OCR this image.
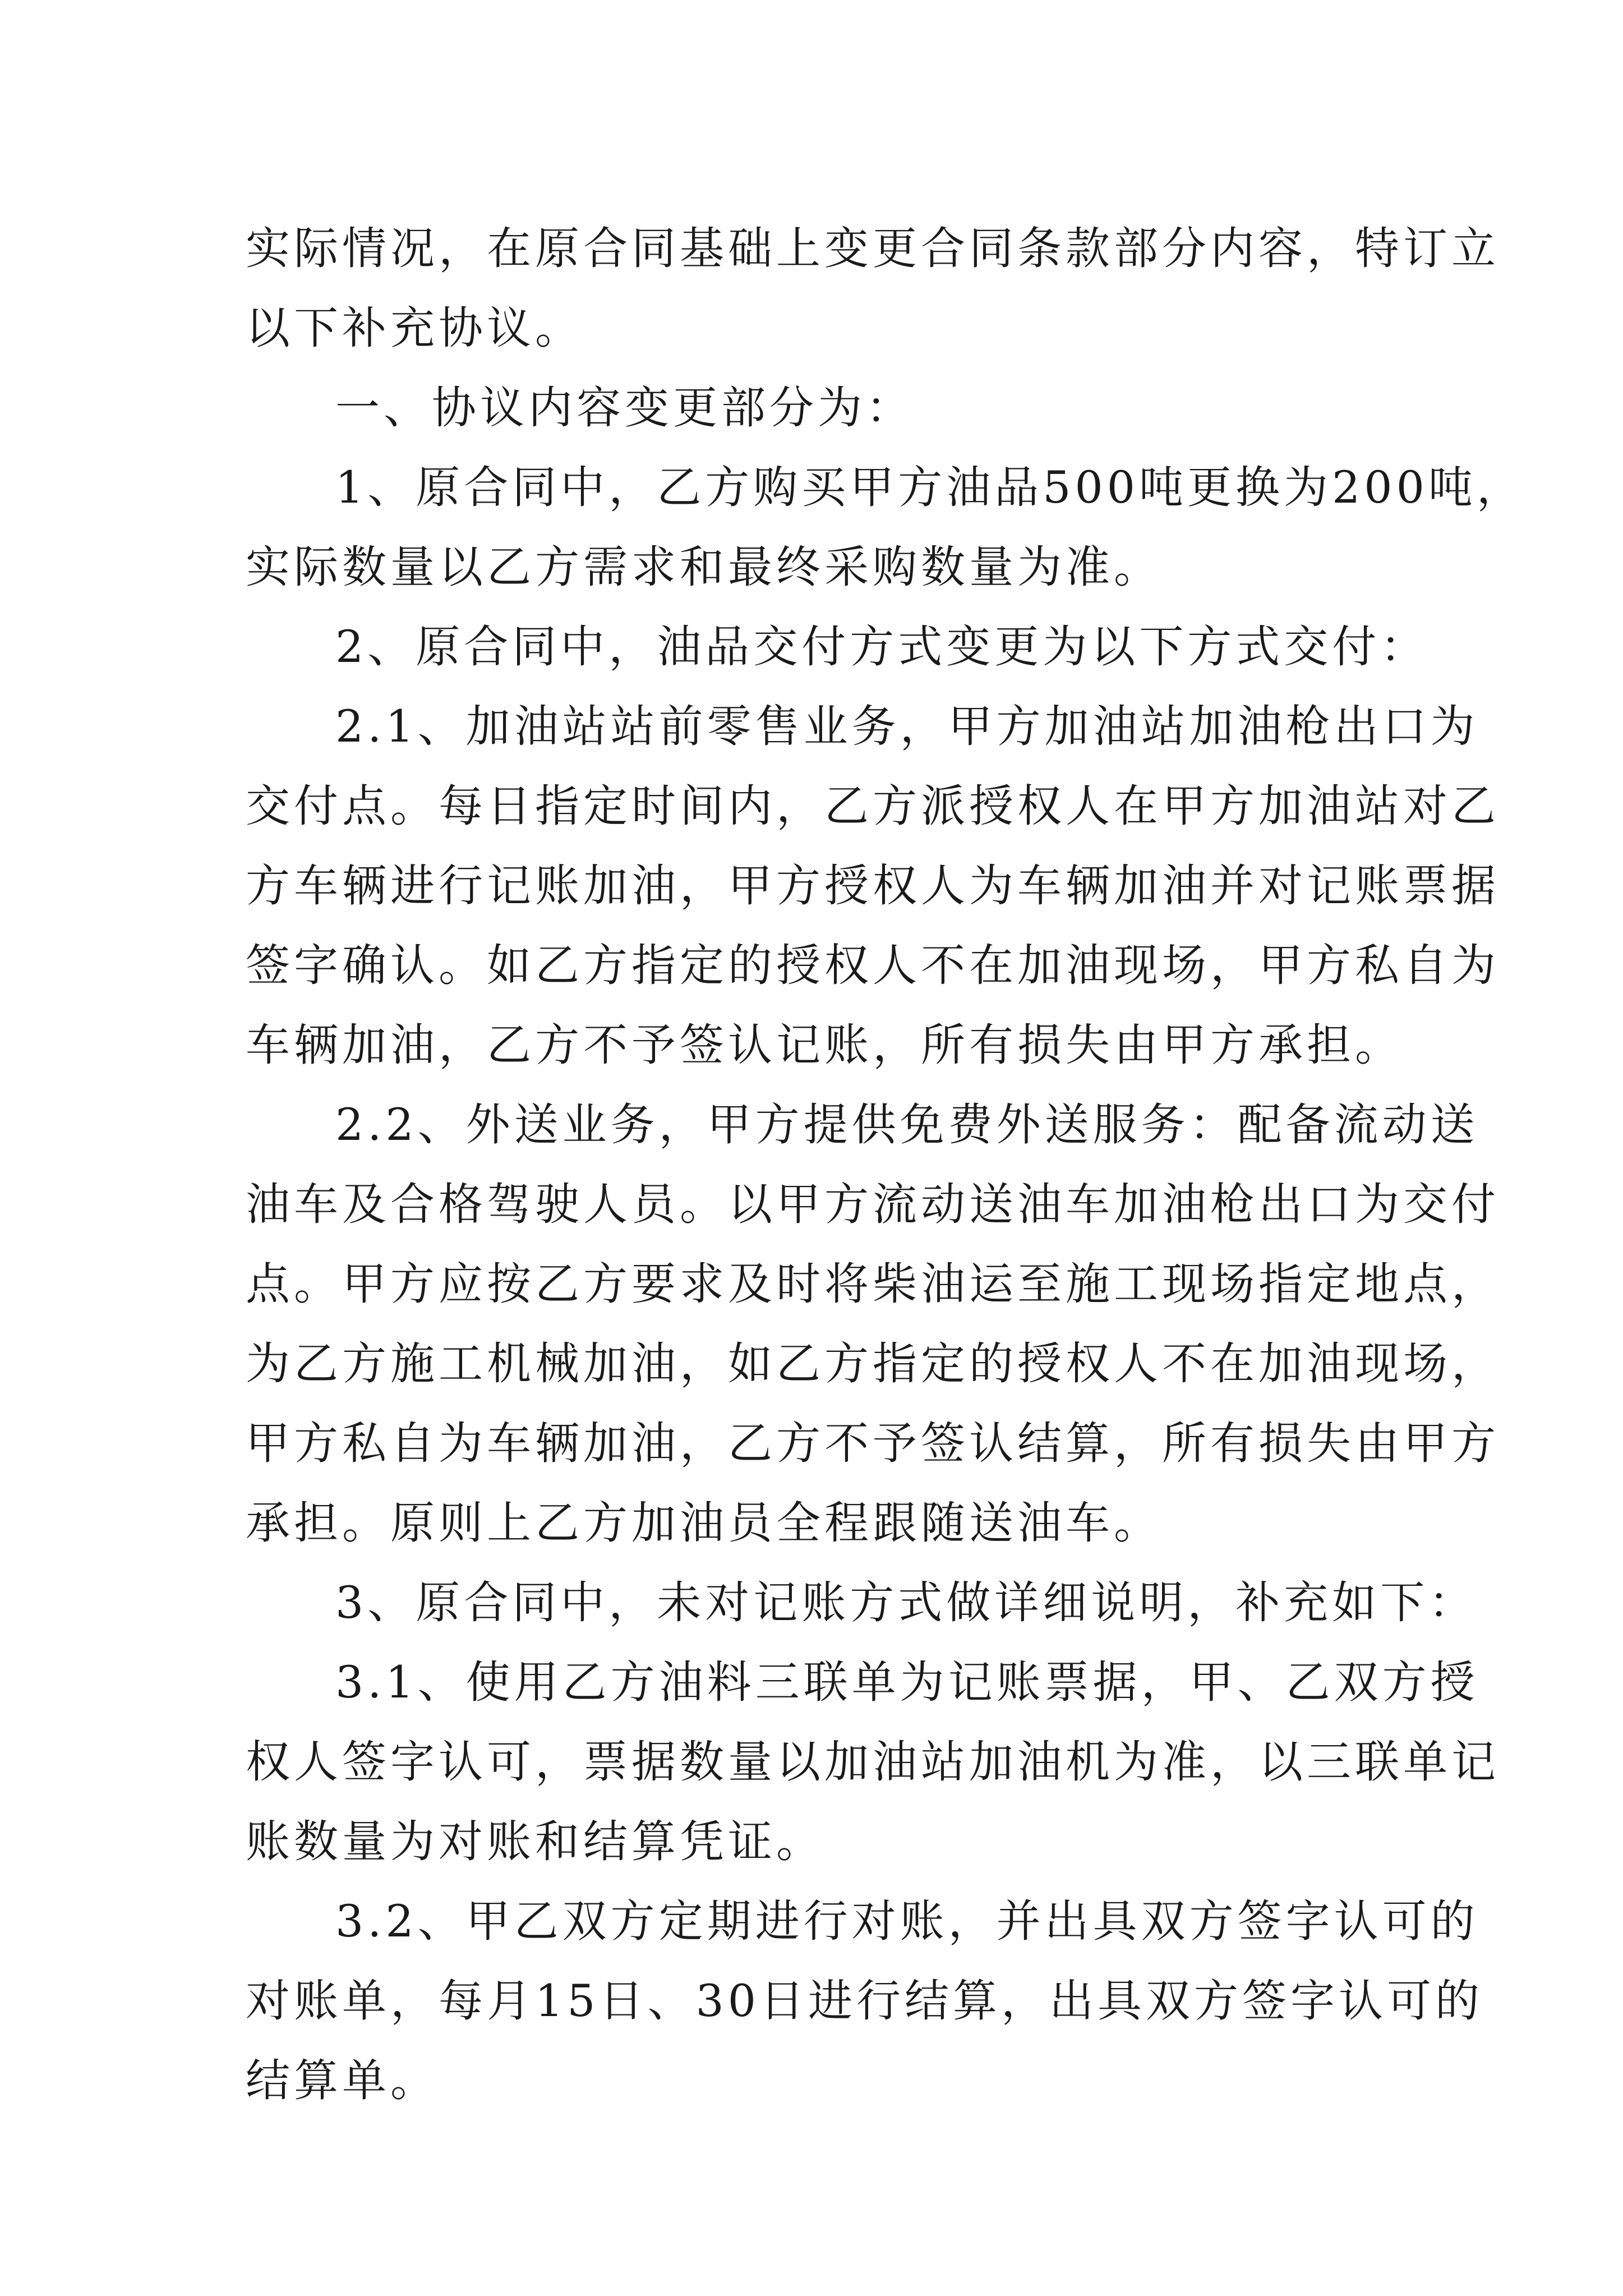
实际情况，在原合同基础上变更合同条款部分内容，特订立
以下补充协议。
一、协议内容变更部分为：
1、原合同中，乙方购买甲方油品500吨更换为200吨，
实际数量以乙方需求和最终采购数量为准。
2、原合同中，油品交付方式变更为以下方式交付：
2.1、加油站站前零售业务，甲方加油站加油枪出口为
交付点。每日指定时间内，乙方派授权人在甲方加油站对乙
方车辆进行记账加油，甲方授权人为车辆加油并对记账票据
签字确认。如乙方指定的授权人不在加油现场，甲方私自为
车辆加油，乙方不予签认记账，所有损失由甲方承担。
2.2、外送业务，甲方提供免费外送服务：配备流动送
油车及合格驾驶人员。以甲方流动送油车加油枪出口为交付
点。甲方应按乙方要求及时将柴油运至施工现场指定地点，
为乙方施工机械加油，如乙方指定的授权人不在加油现场，
甲方私自为车辆加油，乙方不予签认结算，所有损失由甲方
承担。原则上乙方加油员全程跟随送油车。
3、原合同中，未对记账方式做详细说明，补充如下：
3.1、使用乙方油料三联单为记账票据，甲、乙双方授
权人签字认可，票据数量以加油站加油机为准，以三联单记
账数量为对账和结算凭证。
3.2、甲乙双方定期进行对账，并出具双方签字认可的
对账单，每月15日、30日进行结算，出具双方签字认可的
结算单。
